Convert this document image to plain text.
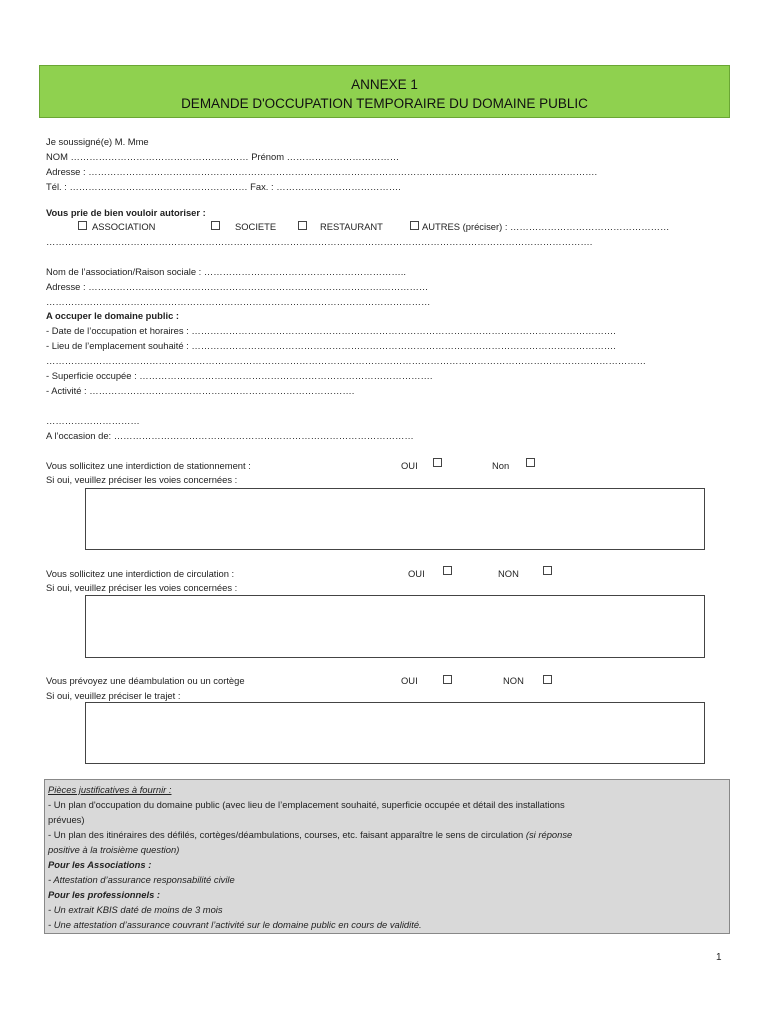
ANNEXE 1
DEMANDE D'OCCUPATION TEMPORAIRE DU DOMAINE PUBLIC
Je soussigné(e) M. Mme
NOM ………………………………………………… Prénom ………………………………
Adresse : ……………………………………………………………………………………………………………………………………………….
Tél. : ………………………………………………… Fax. : ………………………………….
Vous prie de bien vouloir autoriser :
ASSOCIATION	SOCIETE	RESTAURANT	AUTRES (préciser) : ……………………………………………
………………………………………………………………………………………………………………………………………………………….
Nom de l’association/Raison sociale : ………………………………………………………..
Adresse : ………………………………………………………………………………….……………
……………………………………………………………………………………………………………
A occuper le domaine public :
- Date de l’occupation et horaires : ……………………………………………………………………………………………………………………….
- Lieu de l’emplacement souhaité : ……………………………………………………………………………………………………………………….
…………………………………………………………………………………………………………………………………………………………………………
- Superficie occupée : ………………………………………………………………………………….
- Activité : ………………………………………………………………………….
…………………………
A l’occasion de: ……………………………………………………………………………………
Vous sollicitez une interdiction de stationnement :	OUI	Non
Si oui, veuillez préciser les voies concernées :
Vous sollicitez une interdiction de circulation :	OUI	NON
Si oui, veuillez préciser les voies concernées :
Vous prévoyez une déambulation ou un cortège	OUI	NON
Si oui, veuillez préciser le trajet :
Pièces justificatives à fournir :
- Un plan d'occupation du domaine public (avec lieu de l’emplacement souhaité, superficie occupée et détail des installations
prévues)
- Un plan des itinéraires des défilés, cortèges/déambulations, courses, etc. faisant apparaître le sens de circulation (si réponse
positive à la troisième question)
Pour les Associations :
- Attestation d’assurance responsabilité civile
Pour les professionnels :
- Un extrait KBIS daté de moins de 3 mois
- Une attestation d’assurance couvrant l’activité sur le domaine public en cours de validité.
1
